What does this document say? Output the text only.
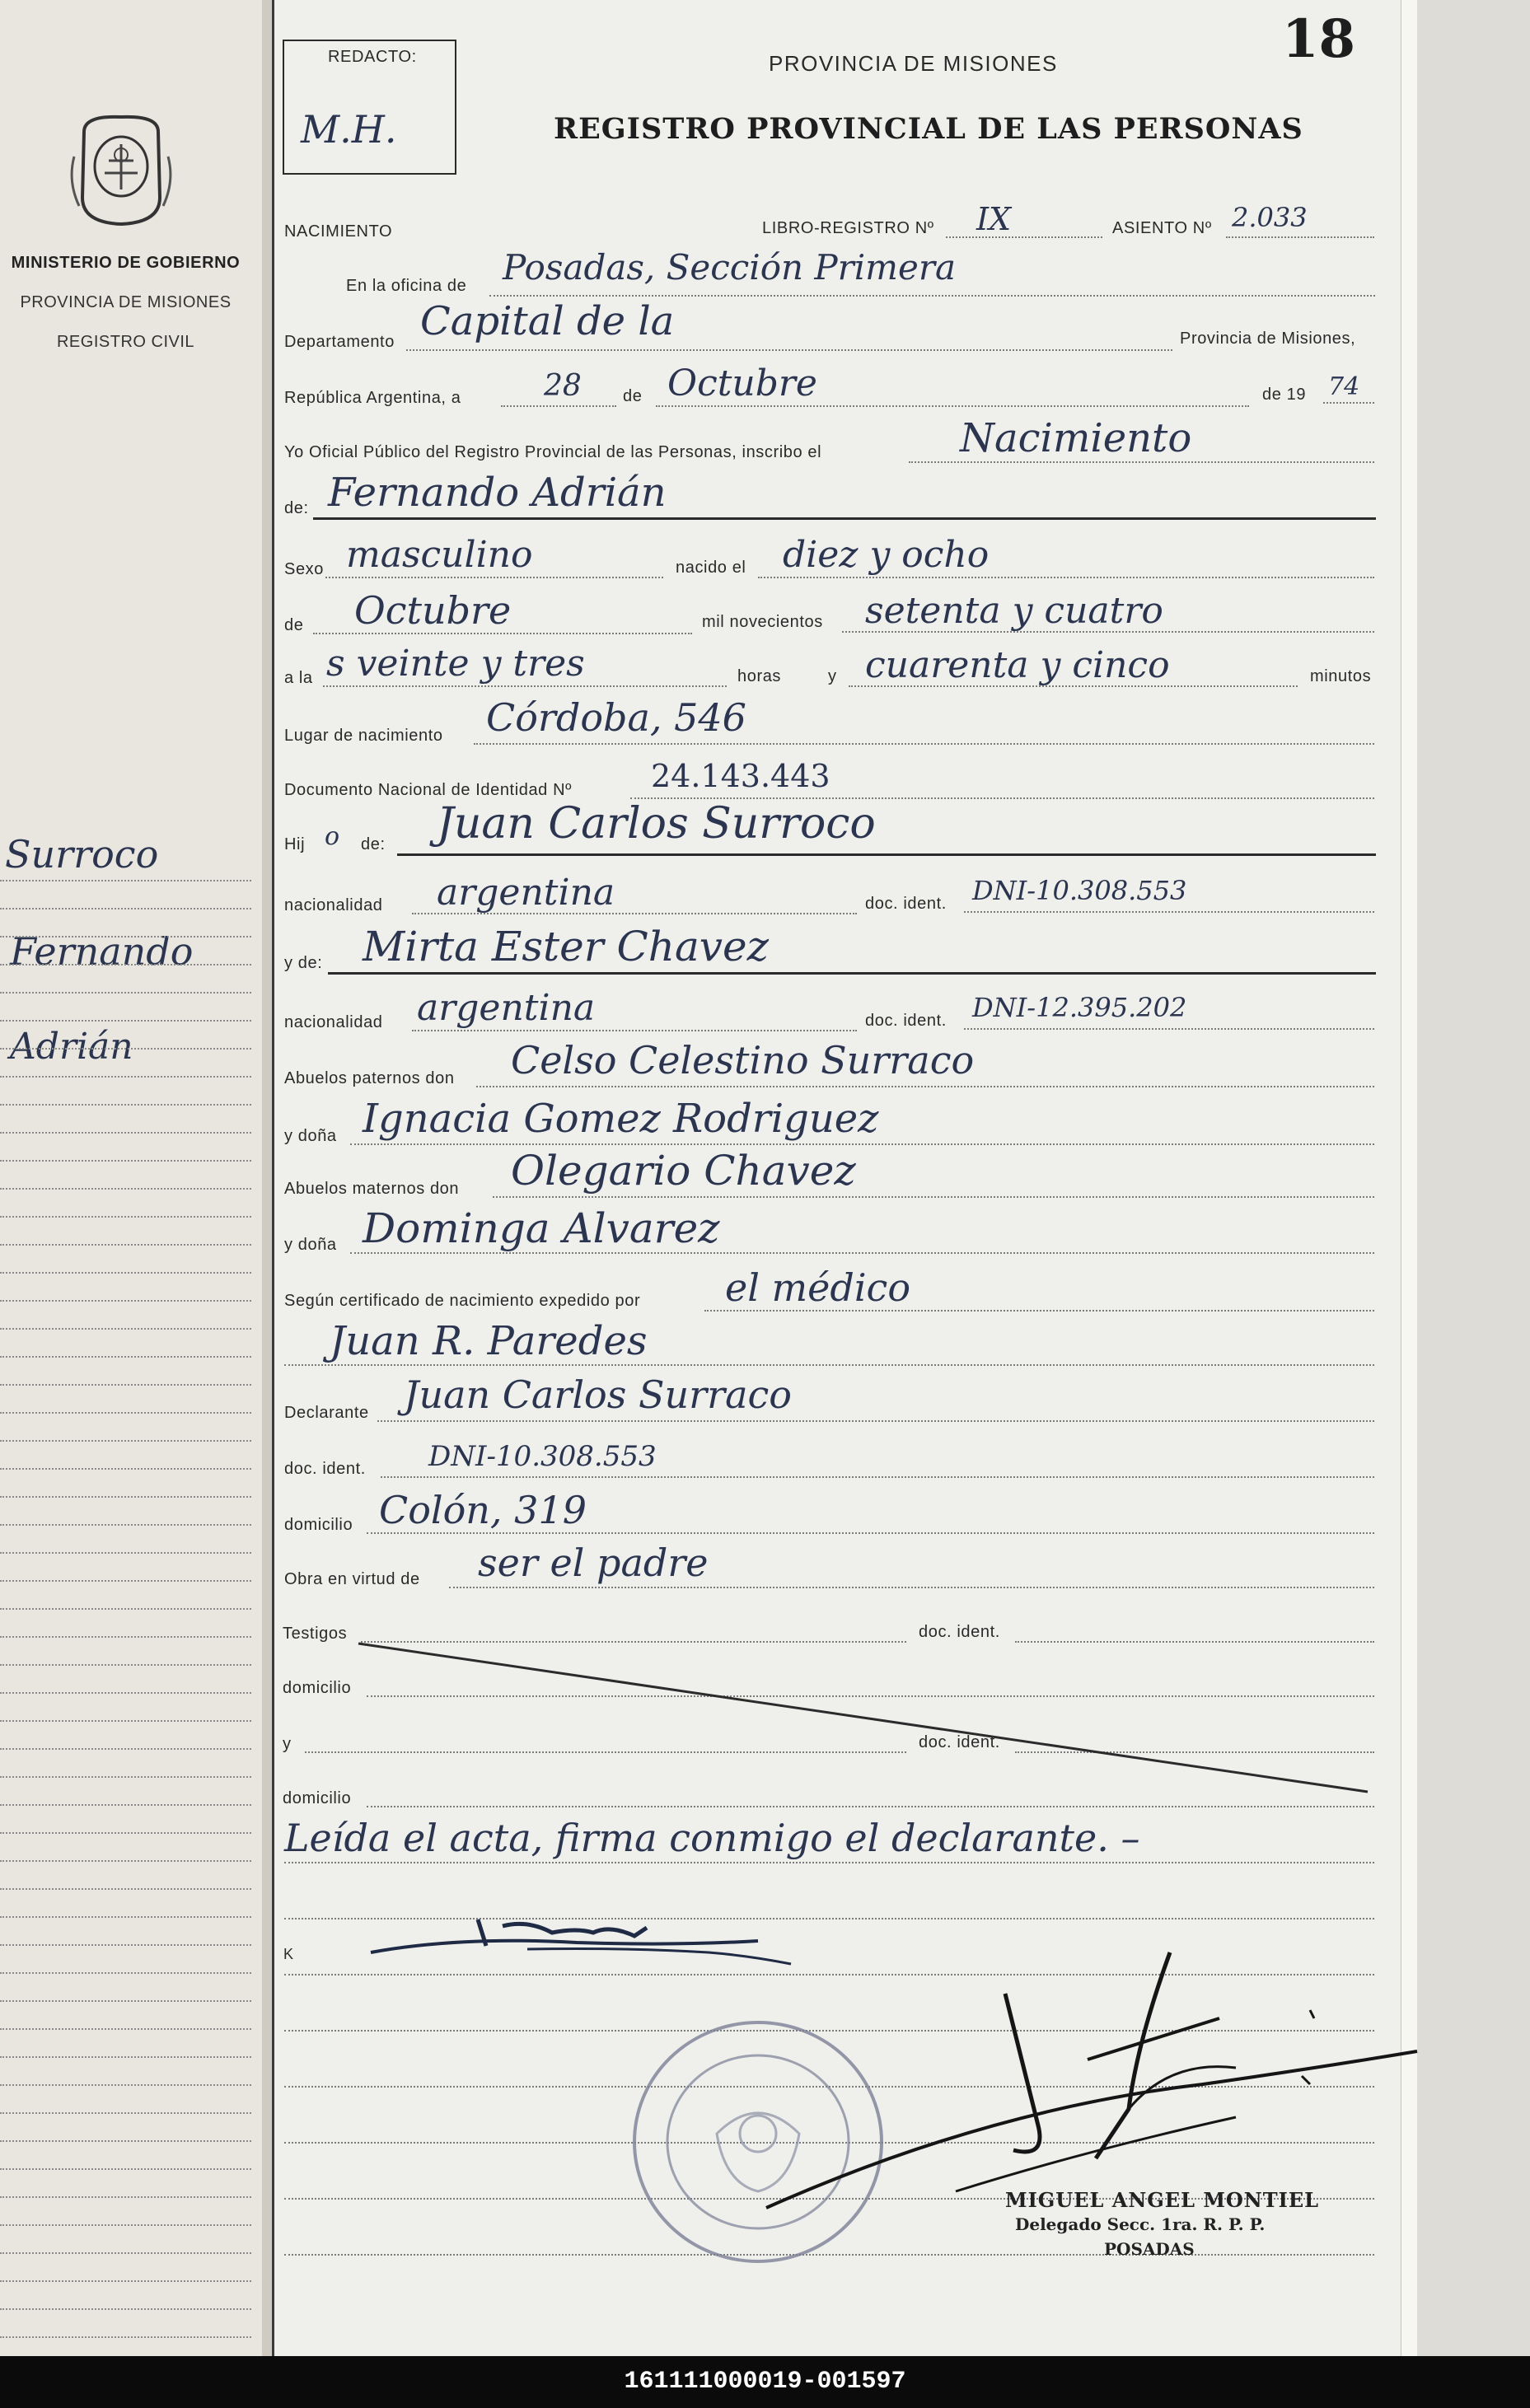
MINISTERIO DE GOBIERNO
PROVINCIA DE MISIONES
REGISTRO CIVIL
Surroco
Fernando
Adrián
REDACTO:
M.H.
PROVINCIA DE MISIONES
REGISTRO PROVINCIAL DE LAS PERSONAS
18
NACIMIENTO	LIBRO-REGISTRO Nº IX	ASIENTO Nº 2.033
En la oficina de Posadas, Sección Primera
Departamento Capital de la	Provincia de Misiones,
República Argentina, a	28	de Octubre	de 19 74
Yo Oficial Público del Registro Provincial de las Personas, inscribo el	Nacimiento
de: Fernando Adrián
Sexo masculino	nacido el diez y ocho
de Octubre	mil novecientos setenta y cuatro
a la s veinte y tres	horas	y cuarenta y cinco	minutos
Lugar de nacimiento Córdoba, 546
Documento Nacional de Identidad Nº	24.143.443
Hij o de: Juan Carlos Surroco
nacionalidad argentina	doc. ident. DNI-10.308.553
y de: Mirta Ester Chavez
nacionalidad argentina	doc. ident. DNI-12.395.202
Abuelos paternos don Celso Celestino Surraco
y doña Ignacia Gomez Rodriguez
Abuelos maternos don Olegario Chavez
y doña Dominga Alvarez
Según certificado de nacimiento expedido por el médico
Juan R. Paredes
Declarante Juan Carlos Surraco
doc. ident. DNI-10.308.553
domicilio Colón, 319
Obra en virtud de ser el padre
Testigos	doc. ident.
domicilio
y	doc. ident.
domicilio
Leída el acta, firma conmigo el declarante. –
K
MIGUEL ANGEL MONTIEL
Delegado Secc. 1ra. R. P. P.
POSADAS
161111000019-001597
